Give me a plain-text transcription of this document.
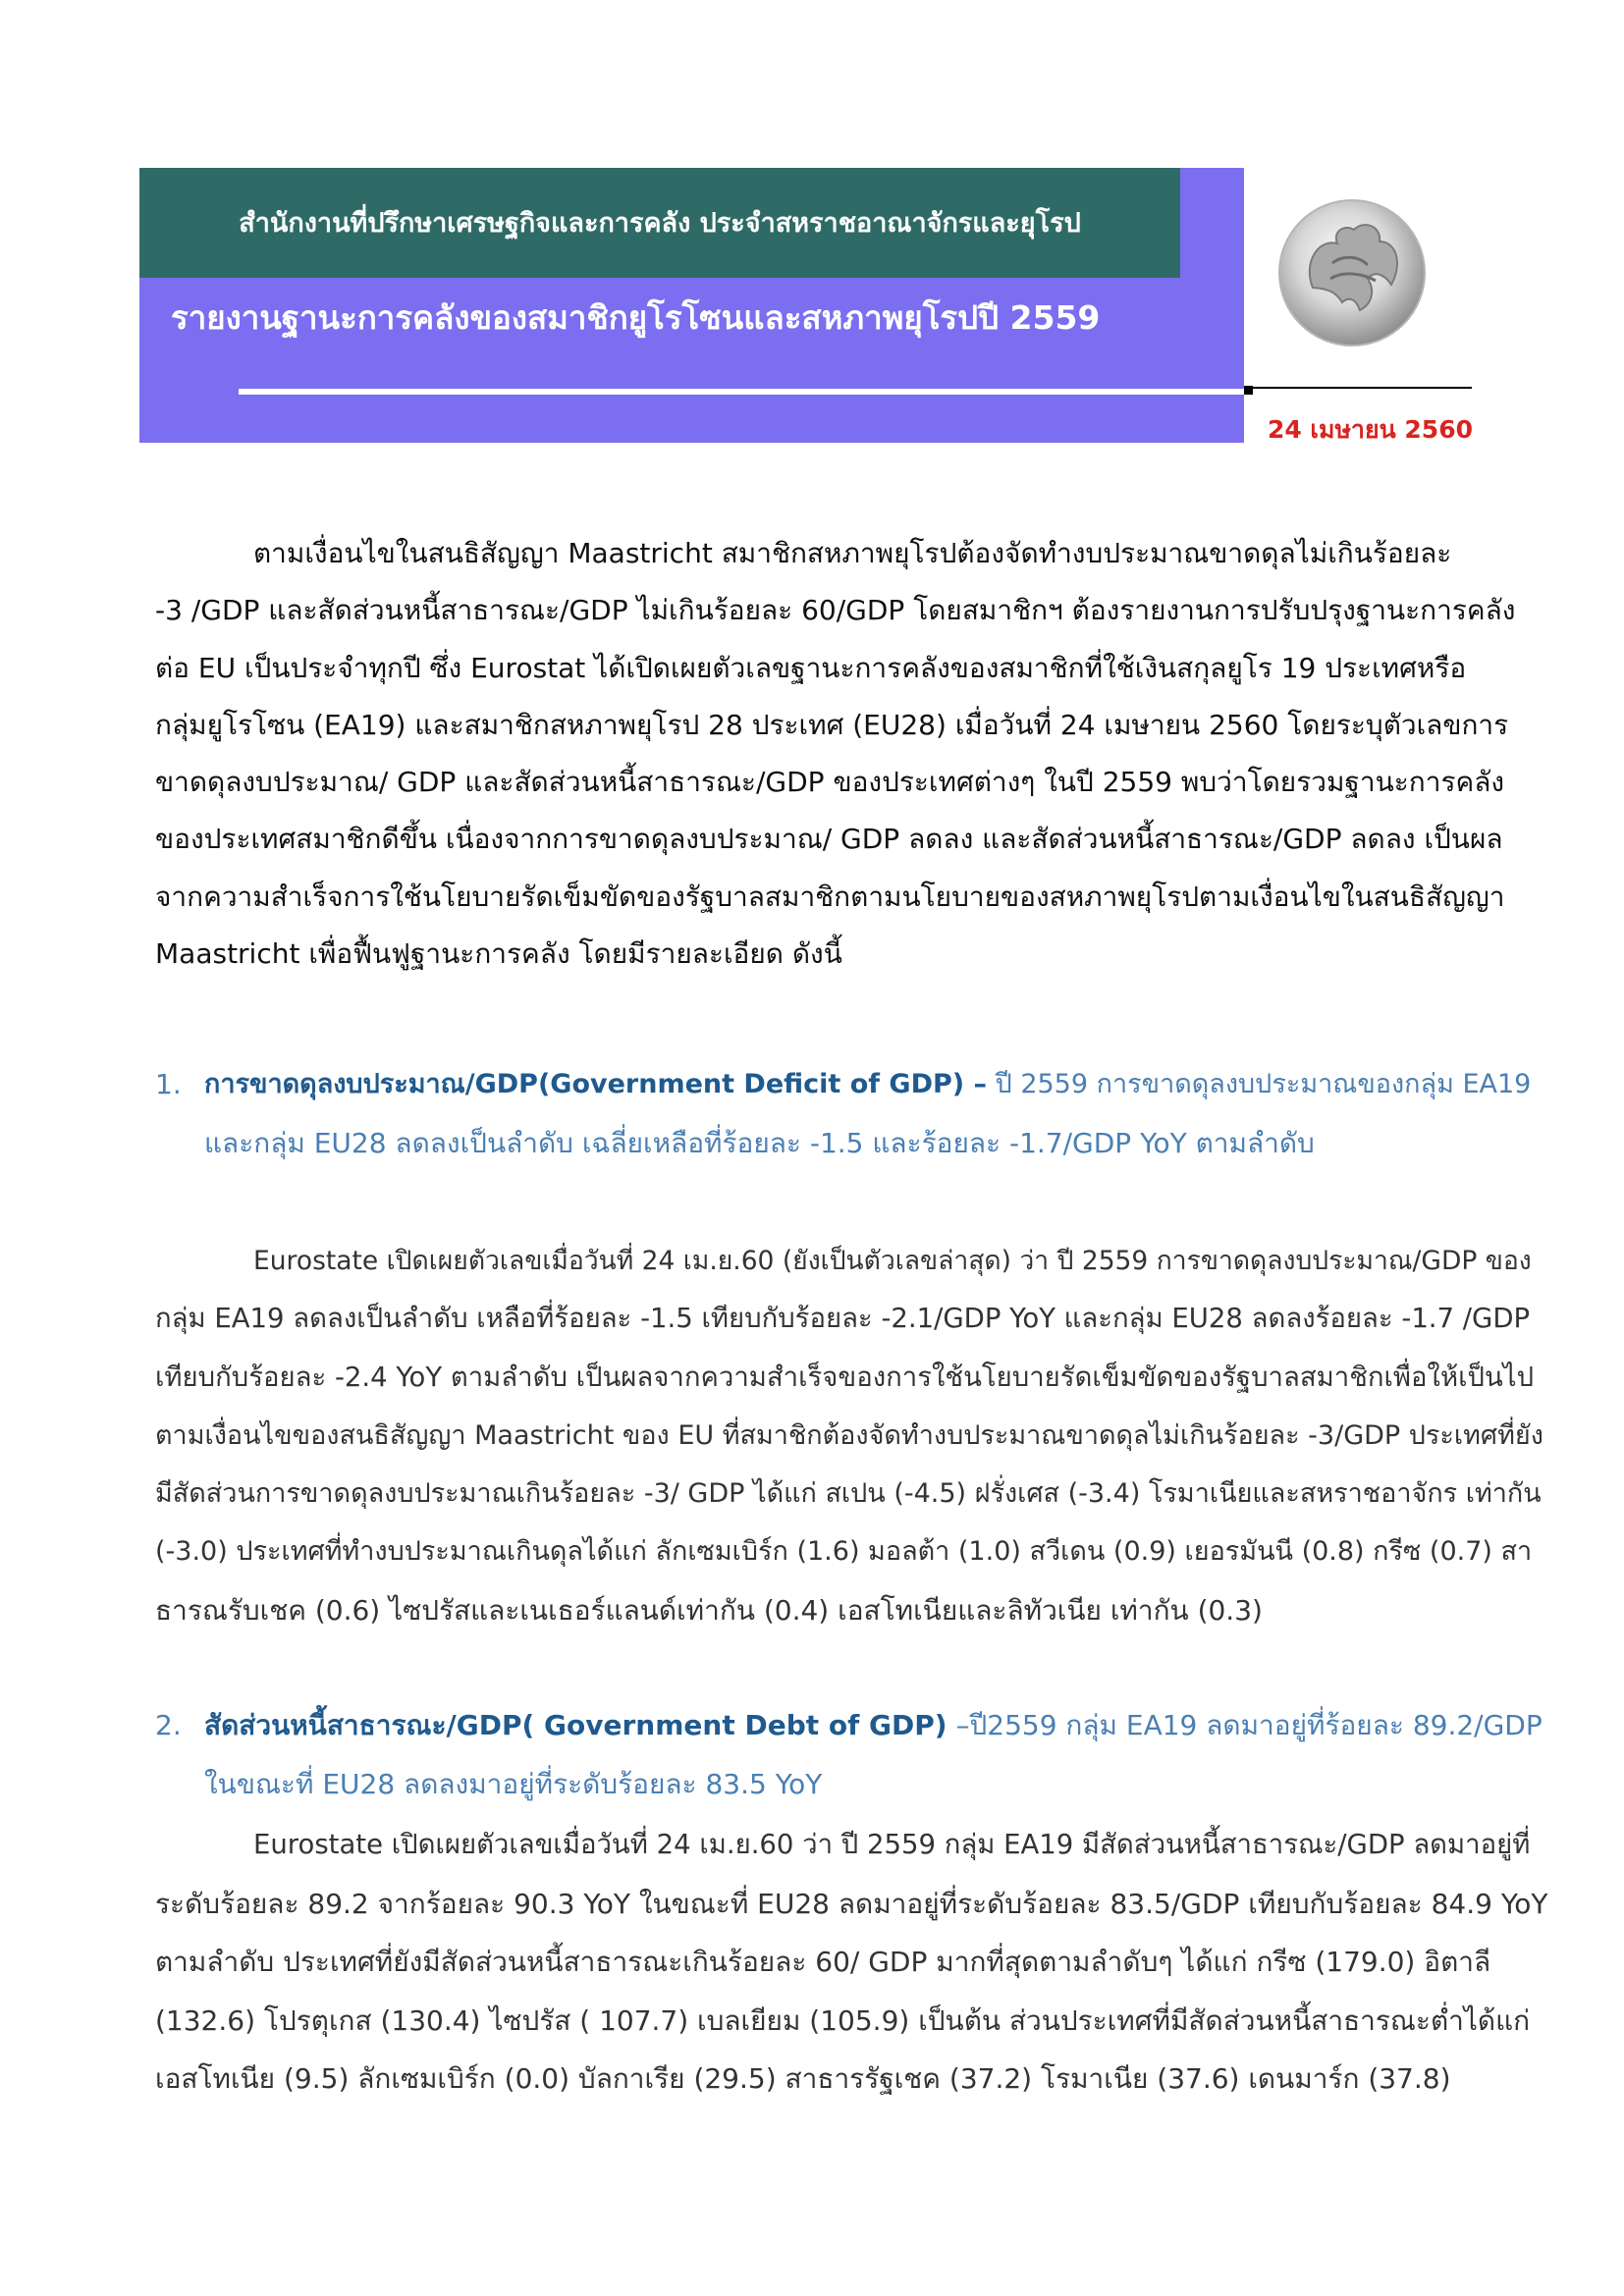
สำนักงานที่ปรึกษาเศรษฐกิจและการคลัง ประจำสหราชอาณาจักรและยุโรป
รายงานฐานะการคลังของสมาชิกยูโรโซนและสหภาพยุโรปปี 2559
24 เมษายน 2560
ตามเงื่อนไขในสนธิสัญญา Maastricht สมาชิกสหภาพยุโรปต้องจัดทำงบประมาณขาดดุลไม่เกินร้อยละ
-3 /GDP และสัดส่วนหนี้สาธารณะ/GDP ไม่เกินร้อยละ 60/GDP โดยสมาชิกฯ ต้องรายงานการปรับปรุงฐานะการคลัง
ต่อ EU เป็นประจำทุกปี ซึ่ง Eurostat ได้เปิดเผยตัวเลขฐานะการคลังของสมาชิกที่ใช้เงินสกุลยูโร 19 ประเทศหรือ
กลุ่มยูโรโซน (EA19) และสมาชิกสหภาพยุโรป 28 ประเทศ (EU28) เมื่อวันที่ 24 เมษายน 2560 โดยระบุตัวเลขการ
ขาดดุลงบประมาณ/ GDP และสัดส่วนหนี้สาธารณะ/GDP ของประเทศต่างๆ ในปี 2559 พบว่าโดยรวมฐานะการคลัง
ของประเทศสมาชิกดีขึ้น เนื่องจากการขาดดุลงบประมาณ/ GDP ลดลง และสัดส่วนหนี้สาธารณะ/GDP ลดลง เป็นผล
จากความสำเร็จการใช้นโยบายรัดเข็มขัดของรัฐบาลสมาชิกตามนโยบายของสหภาพยุโรปตามเงื่อนไขในสนธิสัญญา
Maastricht เพื่อฟื้นฟูฐานะการคลัง โดยมีรายละเอียด ดังนี้
1. การขาดดุลงบประมาณ/GDP(Government Deficit of GDP) – ปี 2559 การขาดดุลงบประมาณของกลุ่ม EA19
และกลุ่ม EU28 ลดลงเป็นลำดับ เฉลี่ยเหลือที่ร้อยละ -1.5 และร้อยละ -1.7/GDP YoY ตามลำดับ
Eurostate เปิดเผยตัวเลขเมื่อวันที่ 24 เม.ย.60 (ยังเป็นตัวเลขล่าสุด) ว่า ปี 2559 การขาดดุลงบประมาณ/GDP ของ
กลุ่ม EA19 ลดลงเป็นลำดับ เหลือที่ร้อยละ -1.5 เทียบกับร้อยละ -2.1/GDP YoY และกลุ่ม EU28 ลดลงร้อยละ -1.7 /GDP
เทียบกับร้อยละ -2.4 YoY ตามลำดับ เป็นผลจากความสำเร็จของการใช้นโยบายรัดเข็มขัดของรัฐบาลสมาชิกเพื่อให้เป็นไป
ตามเงื่อนไขของสนธิสัญญา Maastricht ของ EU ที่สมาชิกต้องจัดทำงบประมาณขาดดุลไม่เกินร้อยละ -3/GDP ประเทศที่ยัง
มีสัดส่วนการขาดดุลงบประมาณเกินร้อยละ -3/ GDP ได้แก่ สเปน (-4.5) ฝรั่งเศส (-3.4) โรมาเนียและสหราชอาจักร เท่ากัน
(-3.0) ประเทศที่ทำงบประมาณเกินดุลได้แก่ ลักเซมเบิร์ก (1.6) มอลต้า (1.0) สวีเดน (0.9) เยอรมันนี (0.8) กรีซ (0.7) สา
ธารณรับเชค (0.6) ไซปรัสและเนเธอร์แลนด์เท่ากัน (0.4) เอสโทเนียและลิทัวเนีย เท่ากัน (0.3)
2. สัดส่วนหนี้สาธารณะ/GDP( Government Debt of GDP) –ปี2559 กลุ่ม EA19 ลดมาอยู่ที่ร้อยละ 89.2/GDP
ในขณะที่ EU28 ลดลงมาอยู่ที่ระดับร้อยละ 83.5 YoY
Eurostate เปิดเผยตัวเลขเมื่อวันที่ 24 เม.ย.60 ว่า ปี 2559 กลุ่ม EA19 มีสัดส่วนหนี้สาธารณะ/GDP ลดมาอยู่ที่
ระดับร้อยละ 89.2 จากร้อยละ 90.3 YoY ในขณะที่ EU28 ลดมาอยู่ที่ระดับร้อยละ 83.5/GDP เทียบกับร้อยละ 84.9 YoY
ตามลำดับ ประเทศที่ยังมีสัดส่วนหนี้สาธารณะเกินร้อยละ 60/ GDP มากที่สุดตามลำดับๆ ได้แก่ กรีซ (179.0) อิตาลี
(132.6) โปรตุเกส (130.4) ไซปรัส ( 107.7) เบลเยียม (105.9) เป็นต้น ส่วนประเทศที่มีสัดส่วนหนี้สาธารณะต่ำได้แก่
เอสโทเนีย (9.5) ลักเซมเบิร์ก (0.0) บัลกาเรีย (29.5) สาธารรัฐเชค (37.2) โรมาเนีย (37.6) เดนมาร์ก (37.8)
